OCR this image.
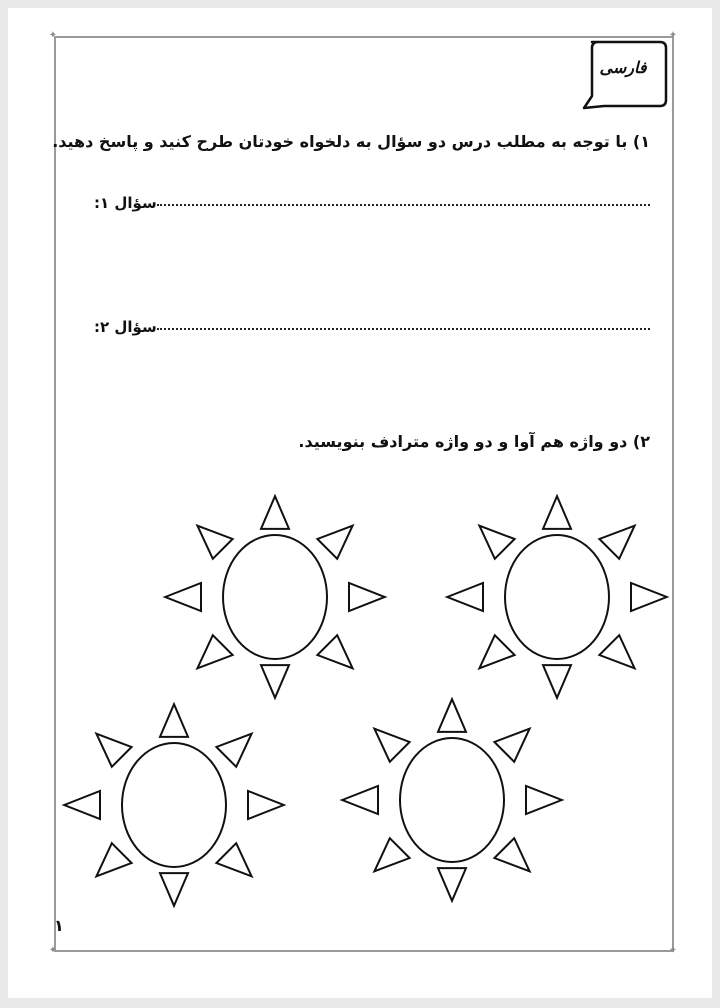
✦	✦
✦	✦
فارسی
۱) با توجه به مطلب درس دو سؤال به دلخواه خودتان طرح کنید و پاسخ دهید.
سؤال ۱:
سؤال ۲:
۲) دو واژه هم آوا و دو واژه مترادف بنویسید.
۱
